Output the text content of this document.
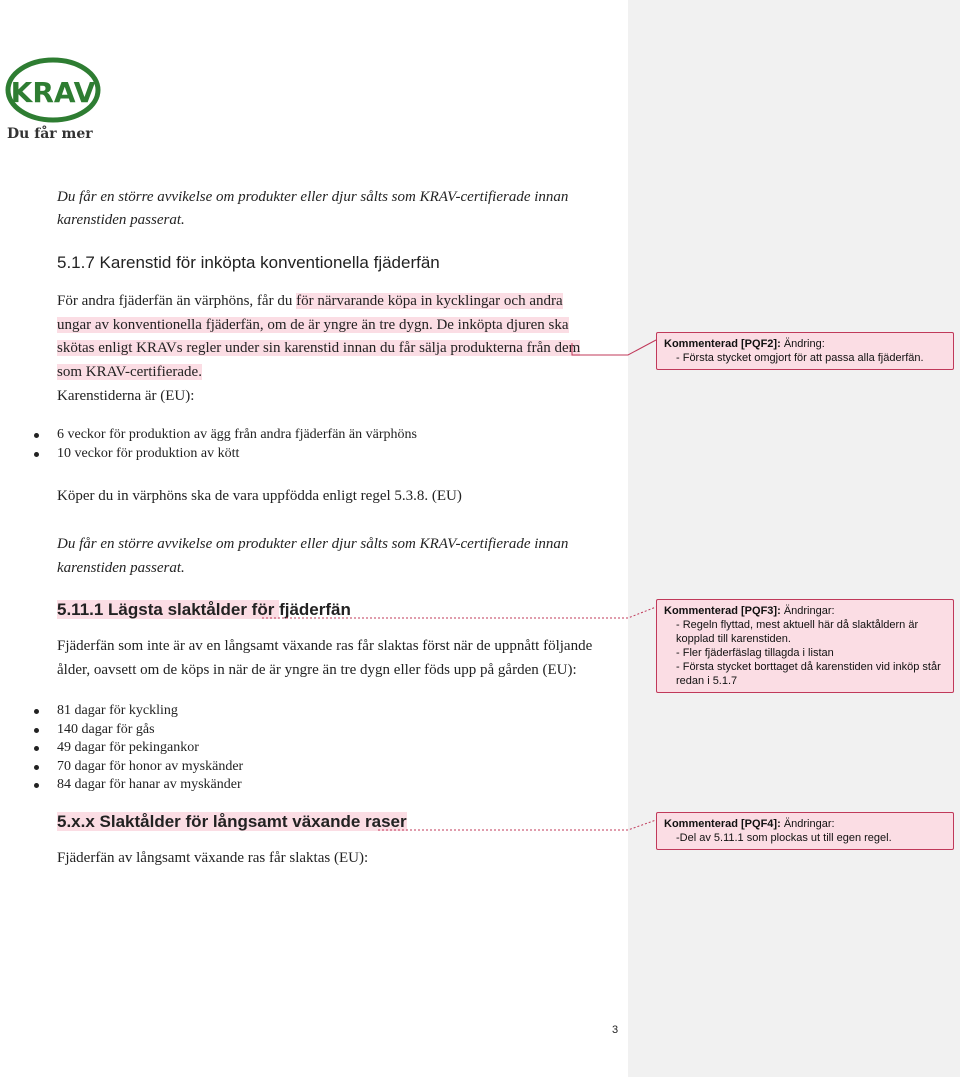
KRAV
Du får mer

Du får en större avvikelse om produkter eller djur sålts som KRAV-certifierade innan karenstiden passerat.

5.1.7 Karenstid för inköpta konventionella fjäderfän

För andra fjäderfän än värphöns, får du för närvarande köpa in kycklingar och andra ungar av konventionella fjäderfän, om de är yngre än tre dygn. De inköpta djuren ska skötas enligt KRAVs regler under sin karenstid innan du får sälja produkterna från dem som KRAV-certifierade.

Karenstiderna är (EU):

6 veckor för produktion av ägg från andra fjäderfän än värphöns
10 veckor för produktion av kött

Köper du in värphöns ska de vara uppfödda enligt regel 5.3.8. (EU)

Du får en större avvikelse om produkter eller djur sålts som KRAV-certifierade innan karenstiden passerat.

5.11.1 Lägsta slaktålder för fjäderfän

Fjäderfän som inte är av en långsamt växande ras får slaktas först när de uppnått följande ålder, oavsett om de köps in när de är yngre än tre dygn eller föds upp på gården (EU):

81 dagar för kyckling
140 dagar för gås
49 dagar för pekingankor
70 dagar för honor av myskänder
84 dagar för hanar av myskänder
5.x.x Slaktålder för långsamt växande raser

Fjäderfän av långsamt växande ras får slaktas (EU):

Kommenterad [PQF2]: Ändring:
- Första stycket omgjort för att passa alla fjäderfän.
Kommenterad [PQF3]: Ändringar:
- Regeln flyttad, mest aktuell här då slaktåldern är kopplad till karenstiden.
- Fler fjäderfäslag tillagda i listan
- Första stycket borttaget då karenstiden vid inköp står redan i 5.1.7
Kommenterad [PQF4]: Ändringar:
-Del av 5.11.1 som plockas ut till egen regel.
3
